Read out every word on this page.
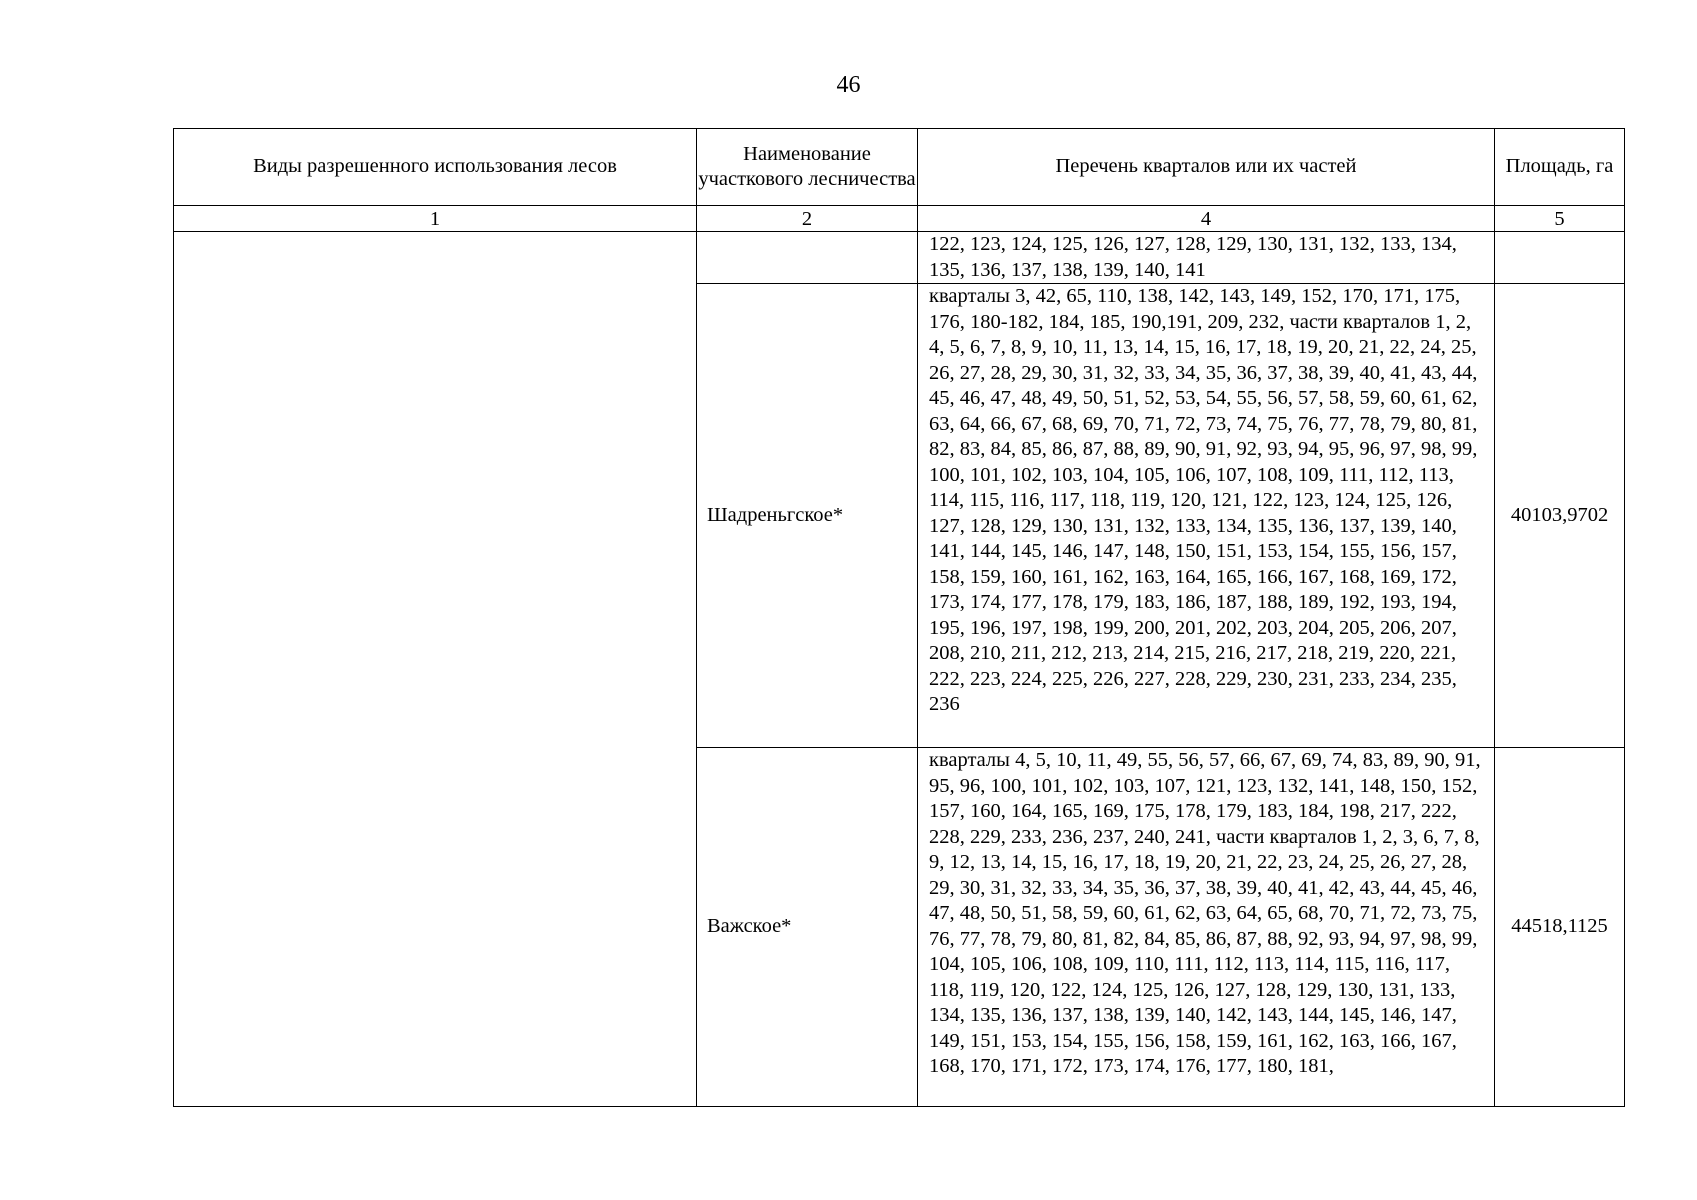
46
Виды разрешенного использования лесов	Наименование участкового лесничества	Перечень кварталов или их частей	Площадь, га
1	2	4	5
		122, 123, 124, 125, 126, 127, 128, 129, 130, 131, 132, 133, 134, 135, 136, 137, 138, 139, 140, 141	
	Шадреньгское*	кварталы 3, 42, 65, 110, 138, 142, 143, 149, 152, 170, 171, 175, 176, 180-182, 184, 185, 190,191, 209, 232, части кварталов 1, 2, 4, 5, 6, 7, 8, 9, 10, 11, 13, 14, 15, 16, 17, 18, 19, 20, 21, 22, 24, 25, 26, 27, 28, 29, 30, 31, 32, 33, 34, 35, 36, 37, 38, 39, 40, 41, 43, 44, 45, 46, 47, 48, 49, 50, 51, 52, 53, 54, 55, 56, 57, 58, 59, 60, 61, 62, 63, 64, 66, 67, 68, 69, 70, 71, 72, 73, 74, 75, 76, 77, 78, 79, 80, 81, 82, 83, 84, 85, 86, 87, 88, 89, 90, 91, 92, 93, 94, 95, 96, 97, 98, 99, 100, 101, 102, 103, 104, 105, 106, 107, 108, 109, 111, 112, 113, 114, 115, 116, 117, 118, 119, 120, 121, 122, 123, 124, 125, 126, 127, 128, 129, 130, 131, 132, 133, 134, 135, 136, 137, 139, 140, 141, 144, 145, 146, 147, 148, 150, 151, 153, 154, 155, 156, 157, 158, 159, 160, 161, 162, 163, 164, 165, 166, 167, 168, 169, 172, 173, 174, 177, 178, 179, 183, 186, 187, 188, 189, 192, 193, 194, 195, 196, 197, 198, 199, 200, 201, 202, 203, 204, 205, 206, 207, 208, 210, 211, 212, 213, 214, 215, 216, 217, 218, 219, 220, 221, 222, 223, 224, 225, 226, 227, 228, 229, 230, 231, 233, 234, 235, 236	40103,9702
	Важское*	кварталы 4, 5, 10, 11, 49, 55, 56, 57, 66, 67, 69, 74, 83, 89, 90, 91, 95, 96, 100, 101, 102, 103, 107, 121, 123, 132, 141, 148, 150, 152, 157, 160, 164, 165, 169, 175, 178, 179, 183, 184, 198, 217, 222, 228, 229, 233, 236, 237, 240, 241, части кварталов 1, 2, 3, 6, 7, 8, 9, 12, 13, 14, 15, 16, 17, 18, 19, 20, 21, 22, 23, 24, 25, 26, 27, 28, 29, 30, 31, 32, 33, 34, 35, 36, 37, 38, 39, 40, 41, 42, 43, 44, 45, 46, 47, 48, 50, 51, 58, 59, 60, 61, 62, 63, 64, 65, 68, 70, 71, 72, 73, 75, 76, 77, 78, 79, 80, 81, 82, 84, 85, 86, 87, 88, 92, 93, 94, 97, 98, 99, 104, 105, 106, 108, 109, 110, 111, 112, 113, 114, 115, 116, 117, 118, 119, 120, 122, 124, 125, 126, 127, 128, 129, 130, 131, 133, 134, 135, 136, 137, 138, 139, 140, 142, 143, 144, 145, 146, 147, 149, 151, 153, 154, 155, 156, 158, 159, 161, 162, 163, 166, 167, 168, 170, 171, 172, 173, 174, 176, 177, 180, 181,	44518,1125
